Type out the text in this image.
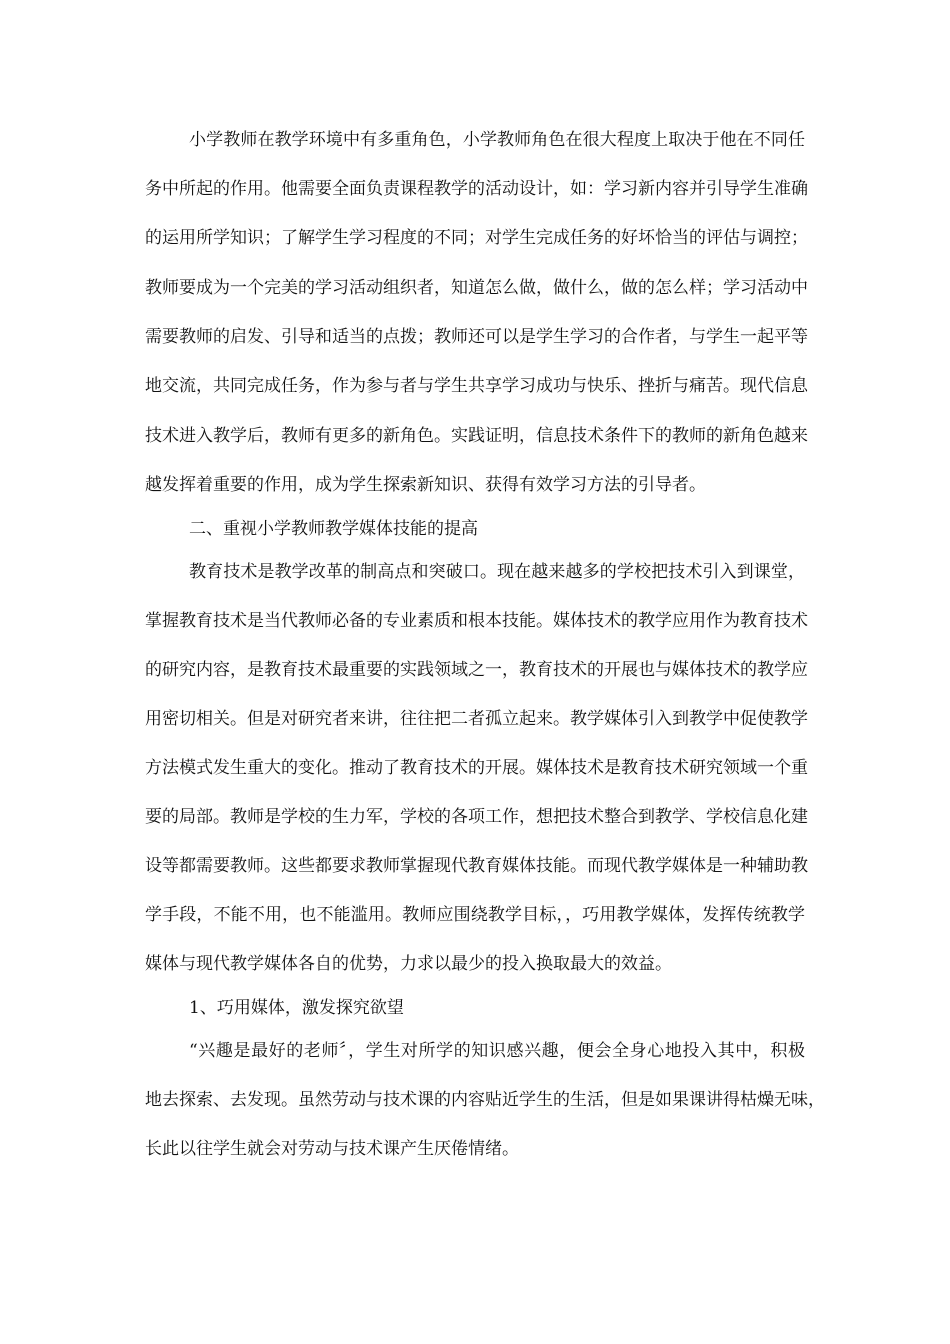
小学教师在教学环境中有多重角色，小学教师角色在很大程度上取决于他在不同任
务中所起的作用。他需要全面负责课程教学的活动设计，如：学习新内容并引导学生准确
的运用所学知识；了解学生学习程度的不同；对学生完成任务的好坏恰当的评估与调控；
教师要成为一个完美的学习活动组织者，知道怎么做，做什么，做的怎么样；学习活动中
需要教师的启发、引导和适当的点拨；教师还可以是学生学习的合作者，与学生一起平等
地交流，共同完成任务，作为参与者与学生共享学习成功与快乐、挫折与痛苦。现代信息
技术进入教学后，教师有更多的新角色。实践证明，信息技术条件下的教师的新角色越来
越发挥着重要的作用，成为学生探索新知识、获得有效学习方法的引导者。
二、重视小学教师教学媒体技能的提高
教育技术是教学改革的制高点和突破口。现在越来越多的学校把技术引入到课堂，
掌握教育技术是当代教师必备的专业素质和根本技能。媒体技术的教学应用作为教育技术
的研究内容，是教育技术最重要的实践领域之一，教育技术的开展也与媒体技术的教学应
用密切相关。但是对研究者来讲，往往把二者孤立起来。教学媒体引入到教学中促使教学
方法模式发生重大的变化。推动了教育技术的开展。媒体技术是教育技术研究领域一个重
要的局部。教师是学校的生力军，学校的各项工作，想把技术整合到教学、学校信息化建
设等都需要教师。这些都要求教师掌握现代教育媒体技能。而现代教学媒体是一种辅助教
学手段，不能不用，也不能滥用。教师应围绕教学目标，，巧用教学媒体，发挥传统教学
媒体与现代教学媒体各自的优势，力求以最少的投入换取最大的效益。
1、巧用媒体，激发探究欲望
“兴趣是最好的老师〞，学生对所学的知识感兴趣，便会全身心地投入其中，积极
地去探索、去发现。虽然劳动与技术课的内容贴近学生的生活，但是如果课讲得枯燥无味，
长此以往学生就会对劳动与技术课产生厌倦情绪。
